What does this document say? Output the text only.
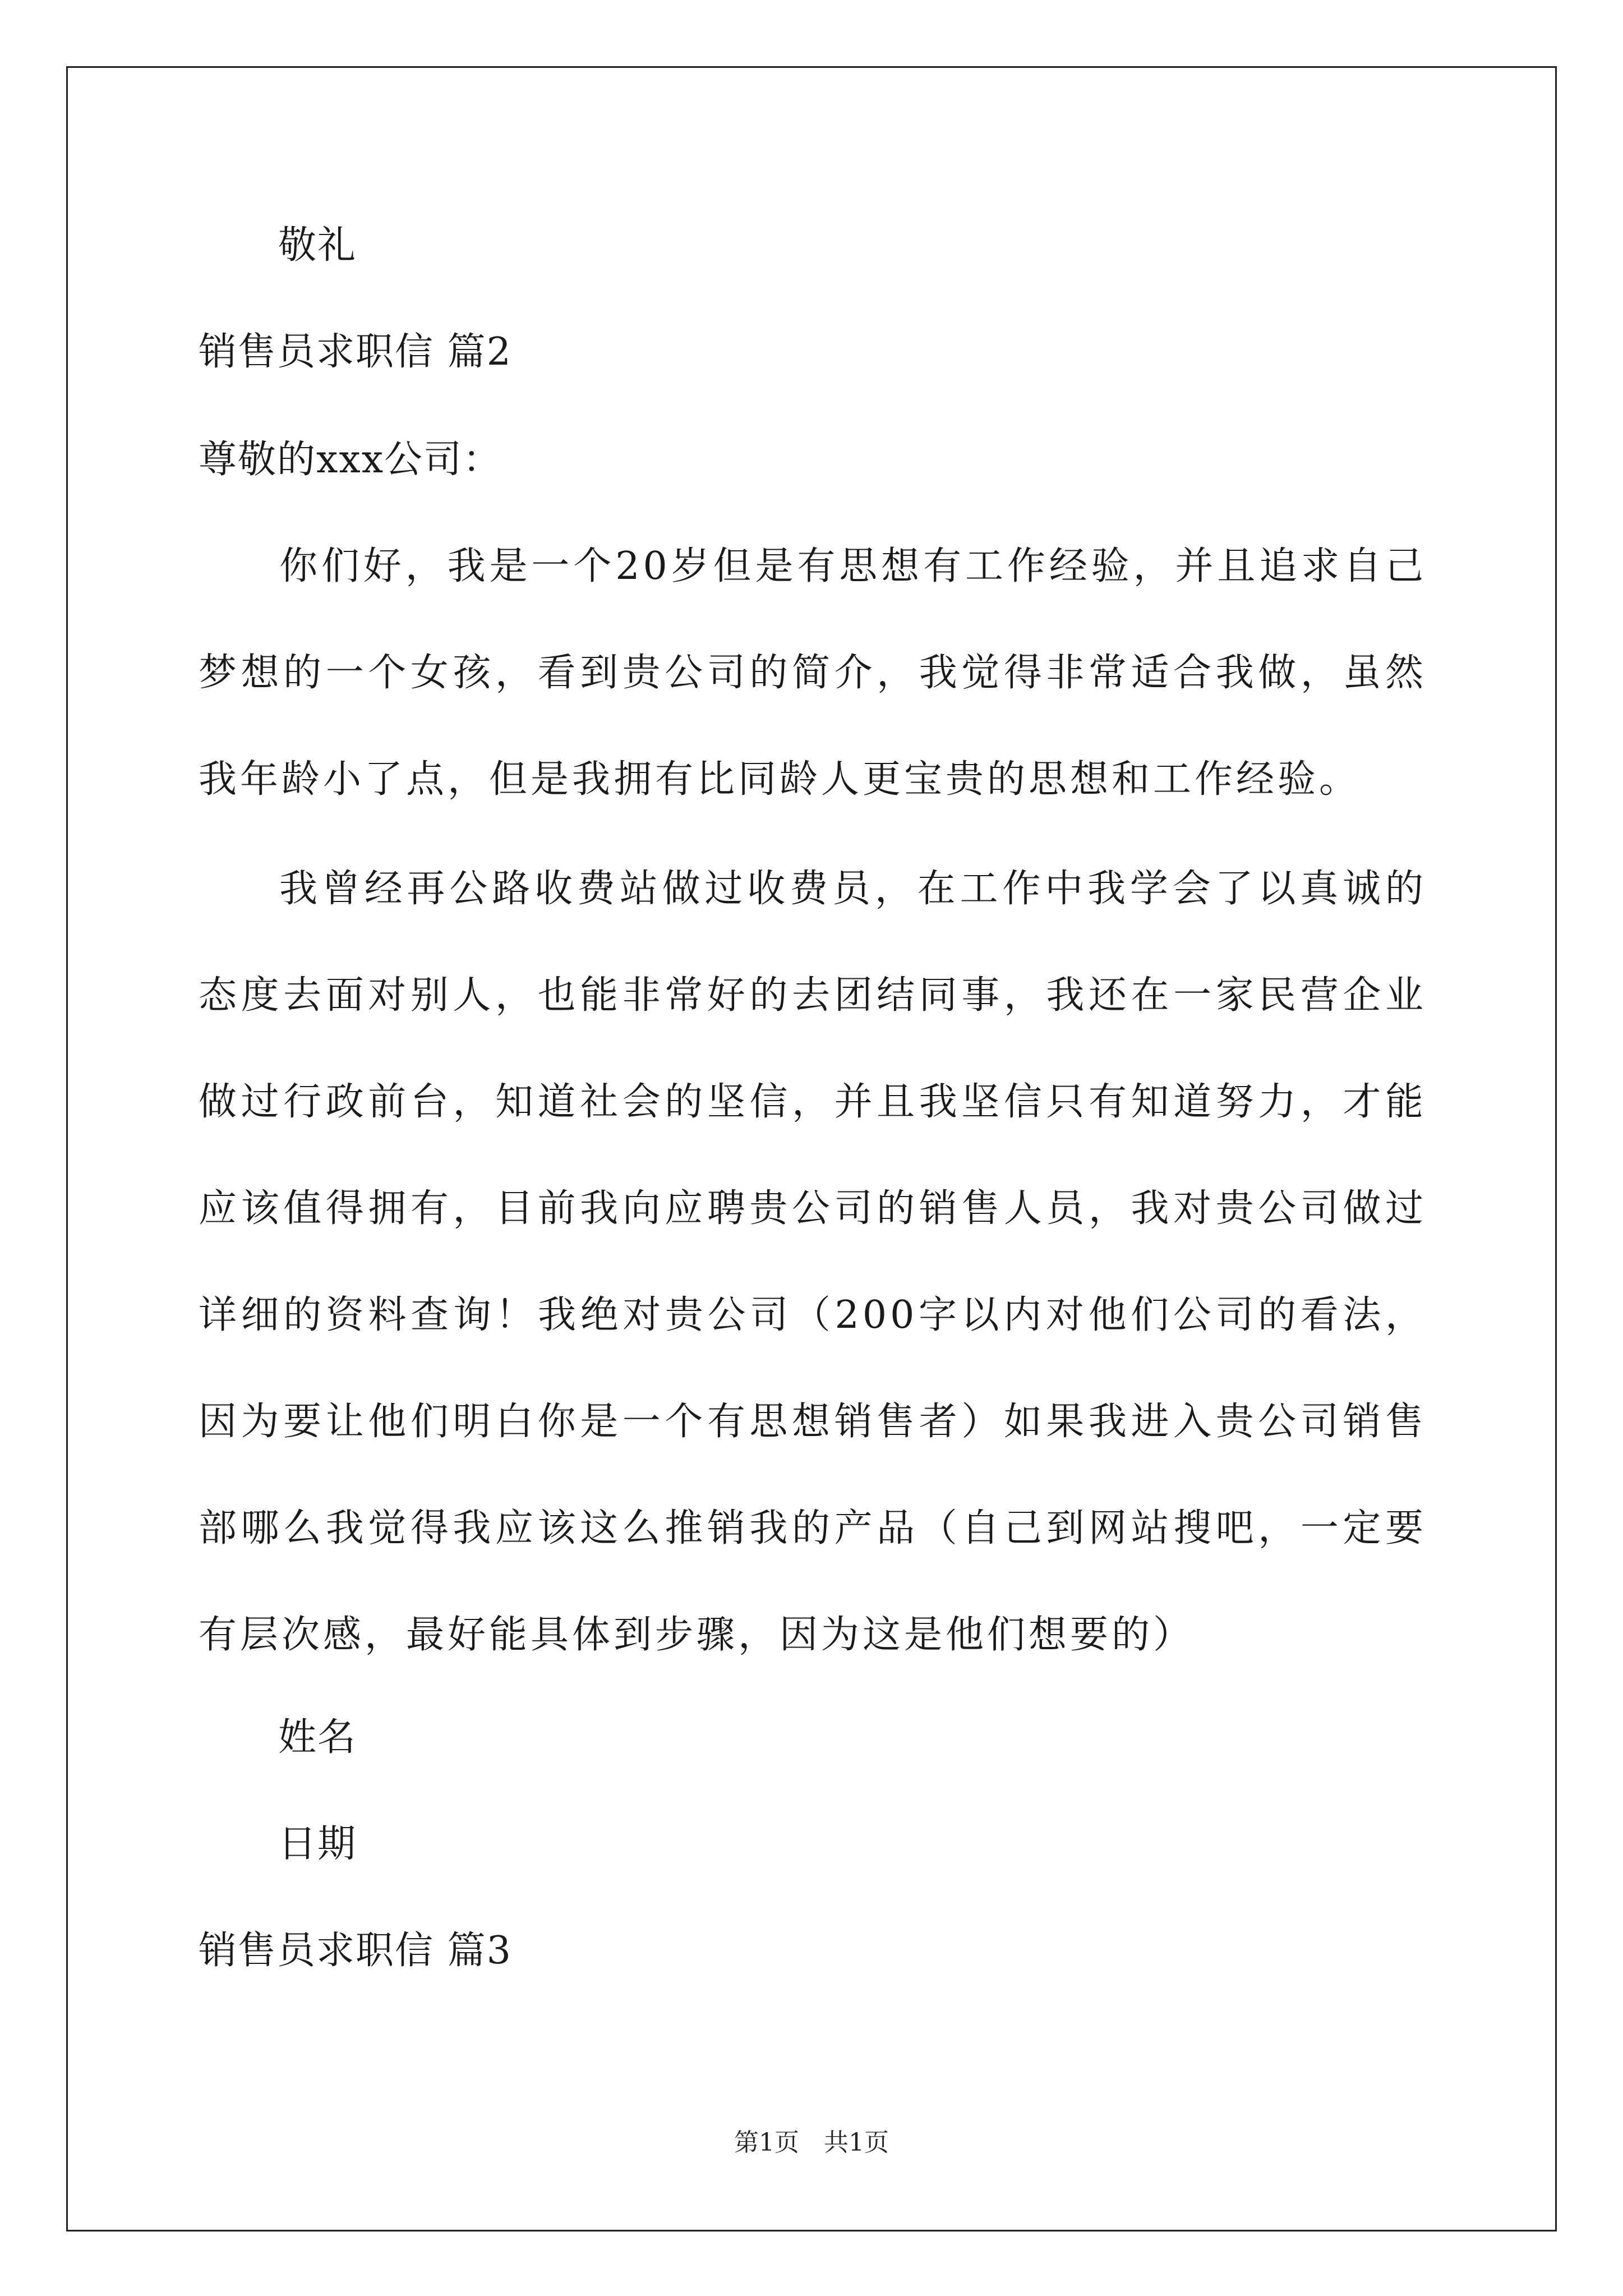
敬礼
销售员求职信 篇2
尊敬的xxx公司：

你们好，我是一个20岁但是有思想有工作经验，并且追求自己梦想的一个女孩，看到贵公司的简介，我觉得非常适合我做，虽然我年龄小了点，但是我拥有比同龄人更宝贵的思想和工作经验。

我曾经再公路收费站做过收费员，在工作中我学会了以真诚的态度去面对别人，也能非常好的去团结同事，我还在一家民营企业做过行政前台，知道社会的坚信，并且我坚信只有知道努力，才能应该值得拥有，目前我向应聘贵公司的销售人员，我对贵公司做过详细的资料查询！我绝对贵公司（200字以内对他们公司的看法，因为要让他们明白你是一个有思想销售者）如果我进入贵公司销售部哪么我觉得我应该这么推销我的产品（自己到网站搜吧，一定要有层次感，最好能具体到步骤，因为这是他们想要的）

姓名
日期
销售员求职信 篇3
第1页　共1页
